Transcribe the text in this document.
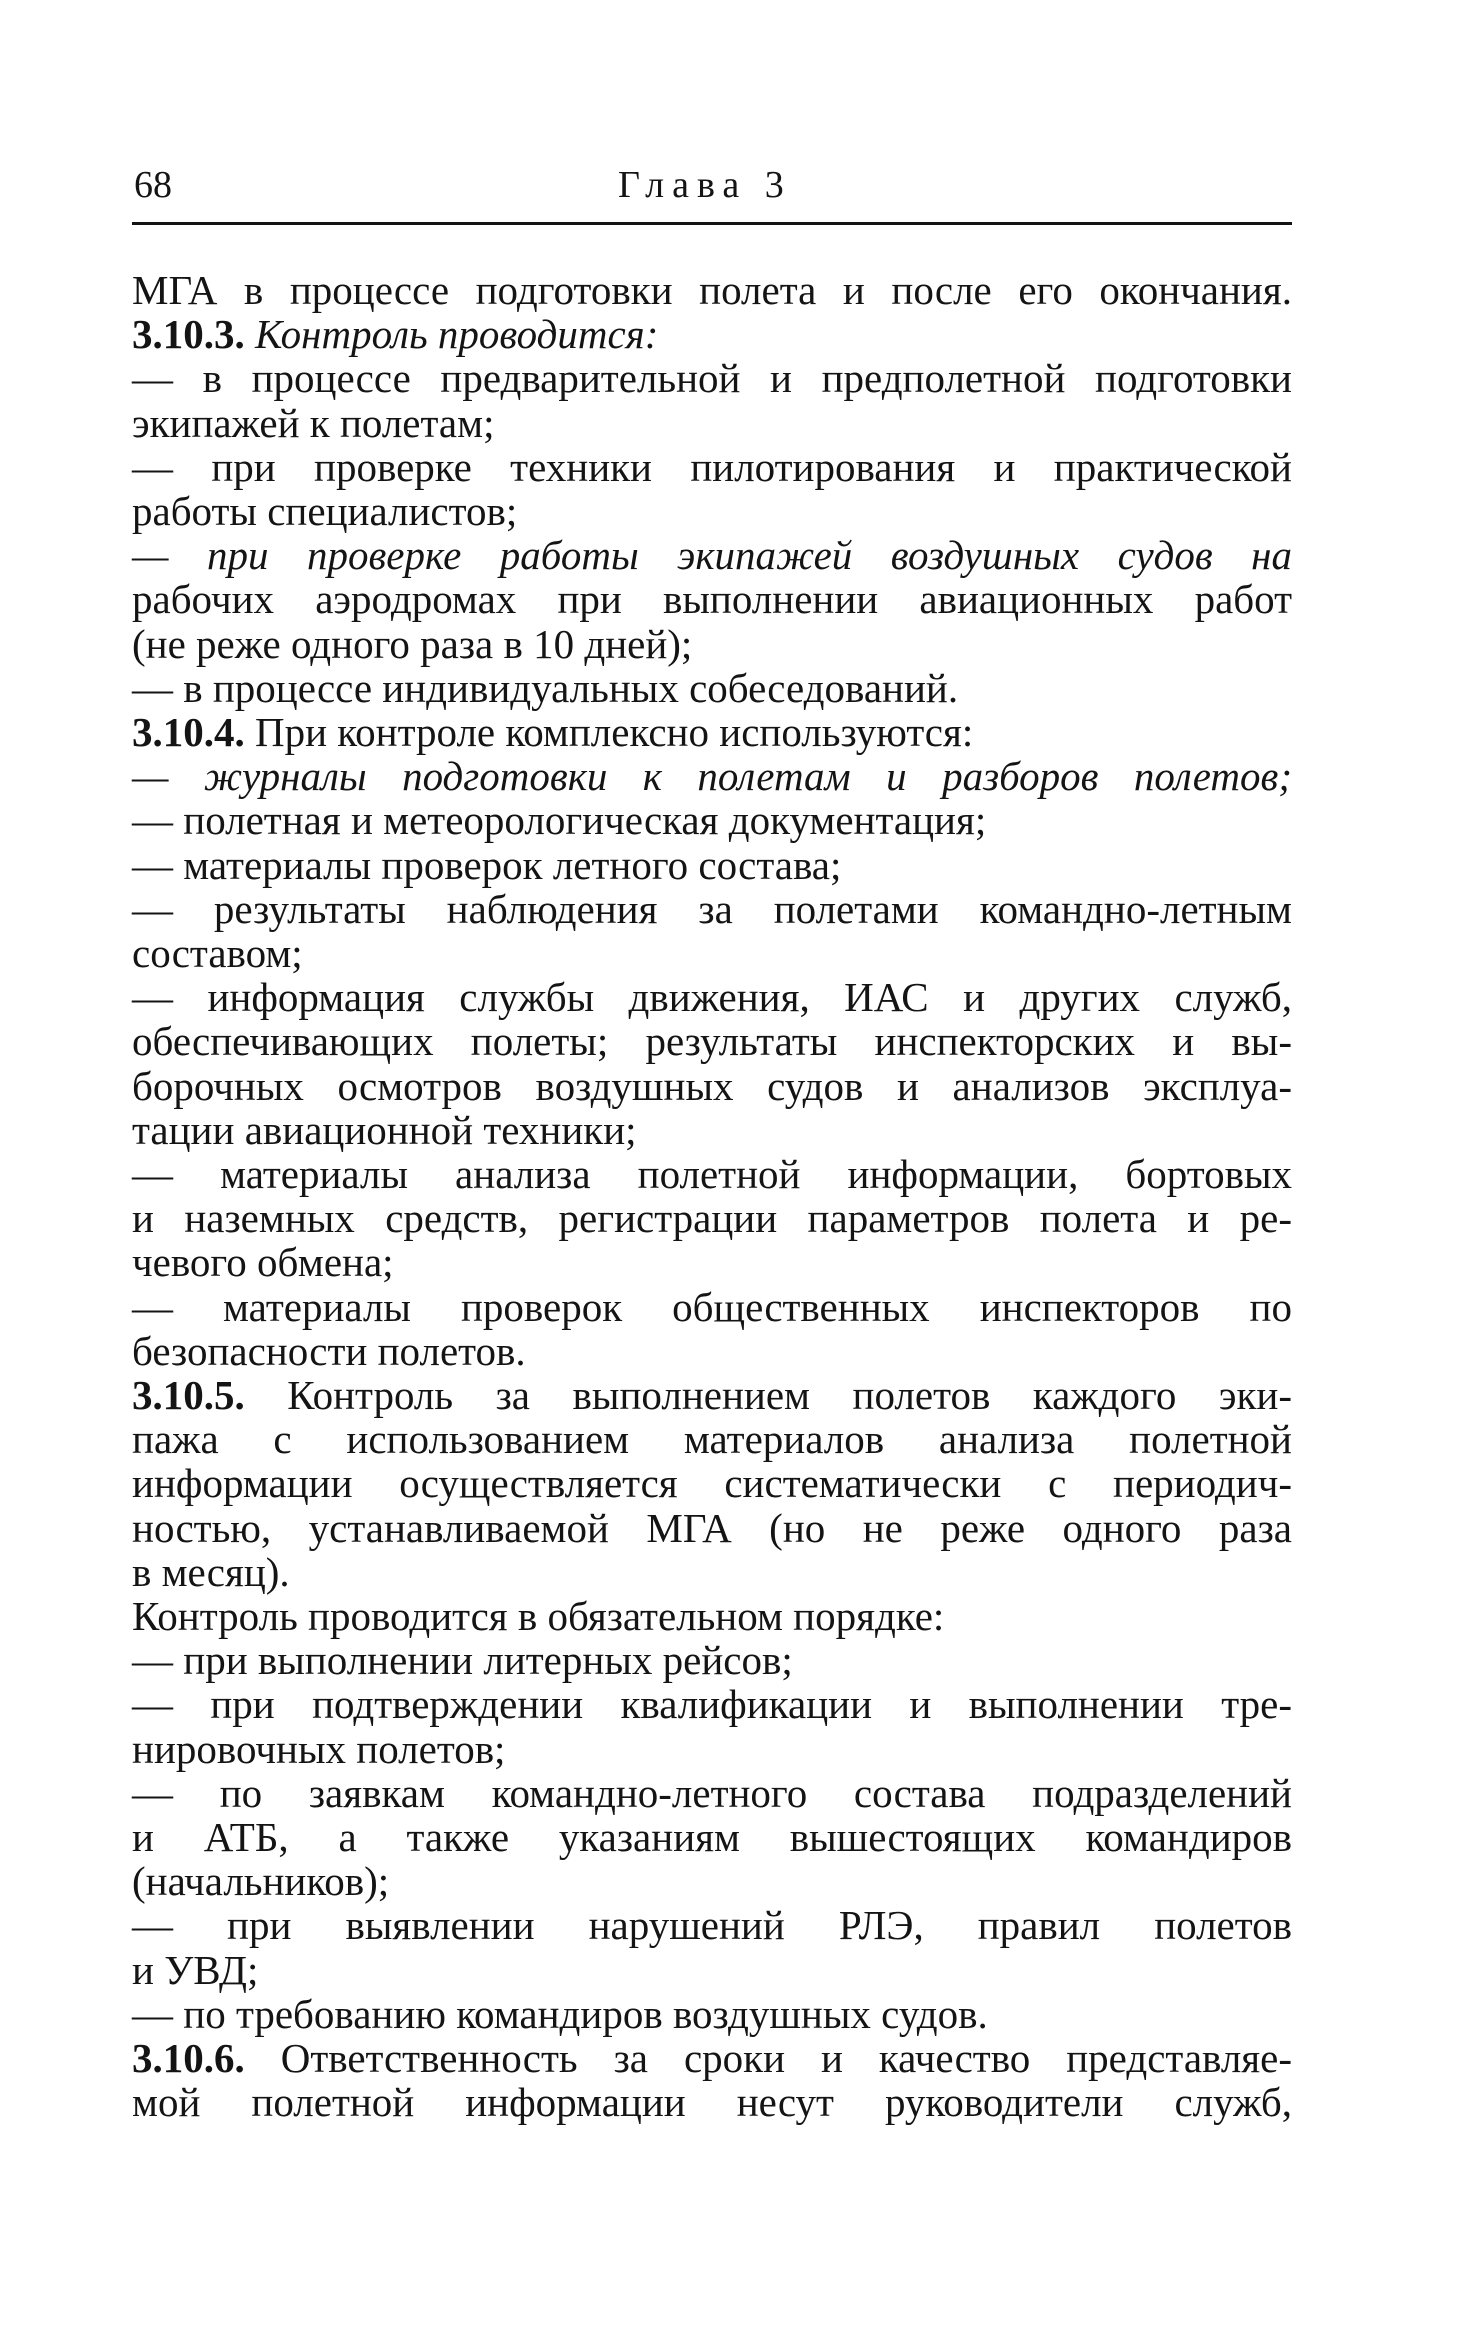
68	Глава 3
МГА в процессе подготовки полета и после его окончания.
3.10.3. Контроль проводится:
— в процессе предварительной и предполетной подготовки
экипажей к полетам;
— при проверке техники пилотирования и практической
работы специалистов;
— при проверке работы экипажей воздушных судов на
рабочих аэродромах при выполнении авиационных работ
(не реже одного раза в 10 дней);
— в процессе индивидуальных собеседований.
3.10.4. При контроле комплексно используются:
— журналы подготовки к полетам и разборов полетов;
— полетная и метеорологическая документация;
— материалы проверок летного состава;
— результаты наблюдения за полетами командно-летным
составом;
— информация службы движения, ИАС и других служб,
обеспечивающих полеты; результаты инспекторских и вы-
борочных осмотров воздушных судов и анализов эксплуа-
тации авиационной техники;
— материалы анализа полетной информации, бортовых
и наземных средств, регистрации параметров полета и ре-
чевого обмена;
— материалы проверок общественных инспекторов по
безопасности полетов.
3.10.5. Контроль за выполнением полетов каждого эки-
пажа с использованием материалов анализа полетной
информации осуществляется систематически с периодич-
ностью, устанавливаемой МГА (но не реже одного раза
в месяц).
Контроль проводится в обязательном порядке:
— при выполнении литерных рейсов;
— при подтверждении квалификации и выполнении тре-
нировочных полетов;
— по заявкам командно-летного состава подразделений
и АТБ, а также указаниям вышестоящих командиров
(начальников);
— при выявлении нарушений РЛЭ, правил полетов
и УВД;
— по требованию командиров воздушных судов.
3.10.6. Ответственность за сроки и качество представляе-
мой полетной информации несут руководители служб,
